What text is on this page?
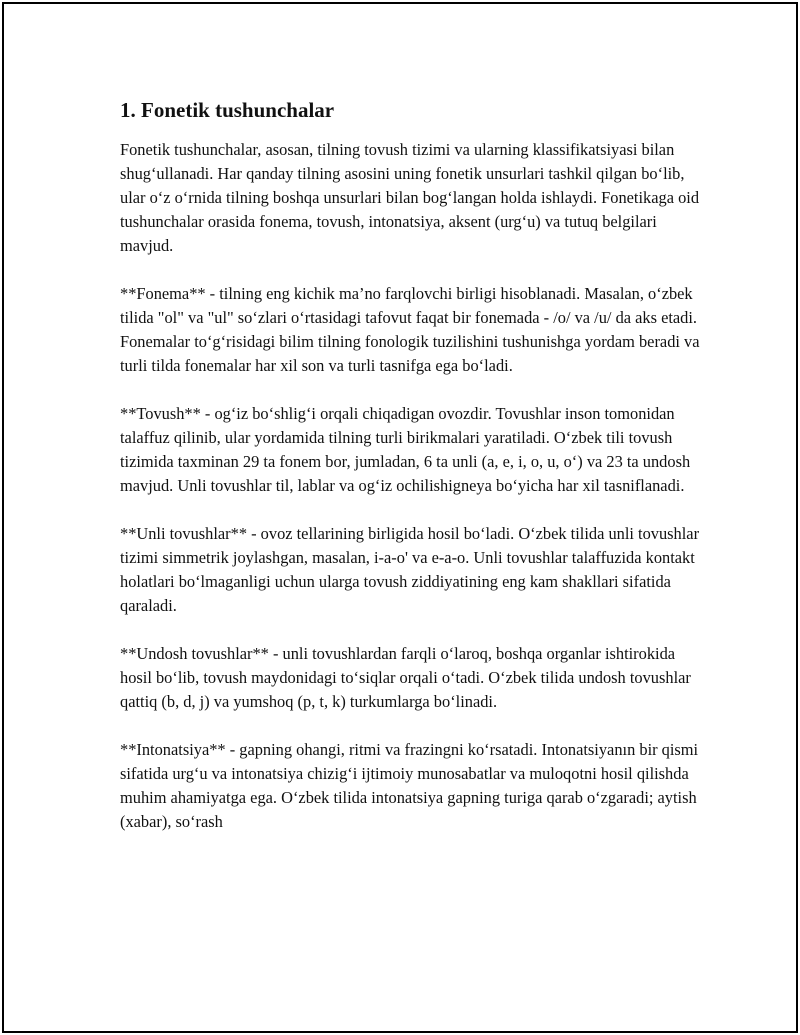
1. Fonetik tushunchalar

Fonetik tushunchalar, asosan, tilning tovush tizimi va ularning klassifikatsiyasi bilan shug‘ullanadi. Har qanday tilning asosini uning fonetik unsurlari tashkil qilgan bo‘lib, ular o‘z o‘rnida tilning boshqa unsurlari bilan bog‘langan holda ishlaydi. Fonetikaga oid tushunchalar orasida fonema, tovush, intonatsiya, aksent (urg‘u) va tutuq belgilari mavjud.

**Fonema** - tilning eng kichik ma’no farqlovchi birligi hisoblanadi. Masalan, o‘zbek tilida "ol" va "ul" so‘zlari o‘rtasidagi tafovut faqat bir fonemada - /o/ va /u/ da aks etadi. Fonemalar to‘g‘risidagi bilim tilning fonologik tuzilishini tushunishga yordam beradi va turli tilda fonemalar har xil son va turli tasnifga ega bo‘ladi.

**Tovush** - og‘iz bo‘shlig‘i orqali chiqadigan ovozdir. Tovushlar inson tomonidan talaffuz qilinib, ular yordamida tilning turli birikmalari yaratiladi. O‘zbek tili tovush tizimida taxminan 29 ta fonem bor, jumladan, 6 ta unli (a, e, i, o, u, o‘) va 23 ta undosh mavjud. Unli tovushlar til, lablar va og‘iz ochilishigneya bo‘yicha har xil tasniflanadi.

**Unli tovushlar** - ovoz tellarining birligida hosil bo‘ladi. O‘zbek tilida unli tovushlar tizimi simmetrik joylashgan, masalan, i-a-o' va e-a-o. Unli tovushlar talaffuzida kontakt holatlari bo‘lmaganligi uchun ularga tovush ziddiyatining eng kam shakllari sifatida qaraladi.

**Undosh tovushlar** - unli tovushlardan farqli o‘laroq, boshqa organlar ishtirokida hosil bo‘lib, tovush maydonidagi to‘siqlar orqali o‘tadi. O‘zbek tilida undosh tovushlar qattiq (b, d, j) va yumshoq (p, t, k) turkumlarga bo‘linadi.

**Intonatsiya** - gapning ohangi, ritmi va frazingni ko‘rsatadi. Intonatsiyanın bir qismi sifatida urg‘u va intonatsiya chizig‘i ijtimoiy munosabatlar va muloqotni hosil qilishda muhim ahamiyatga ega. O‘zbek tilida intonatsiya gapning turiga qarab o‘zgaradi; aytish (xabar), so‘rash
